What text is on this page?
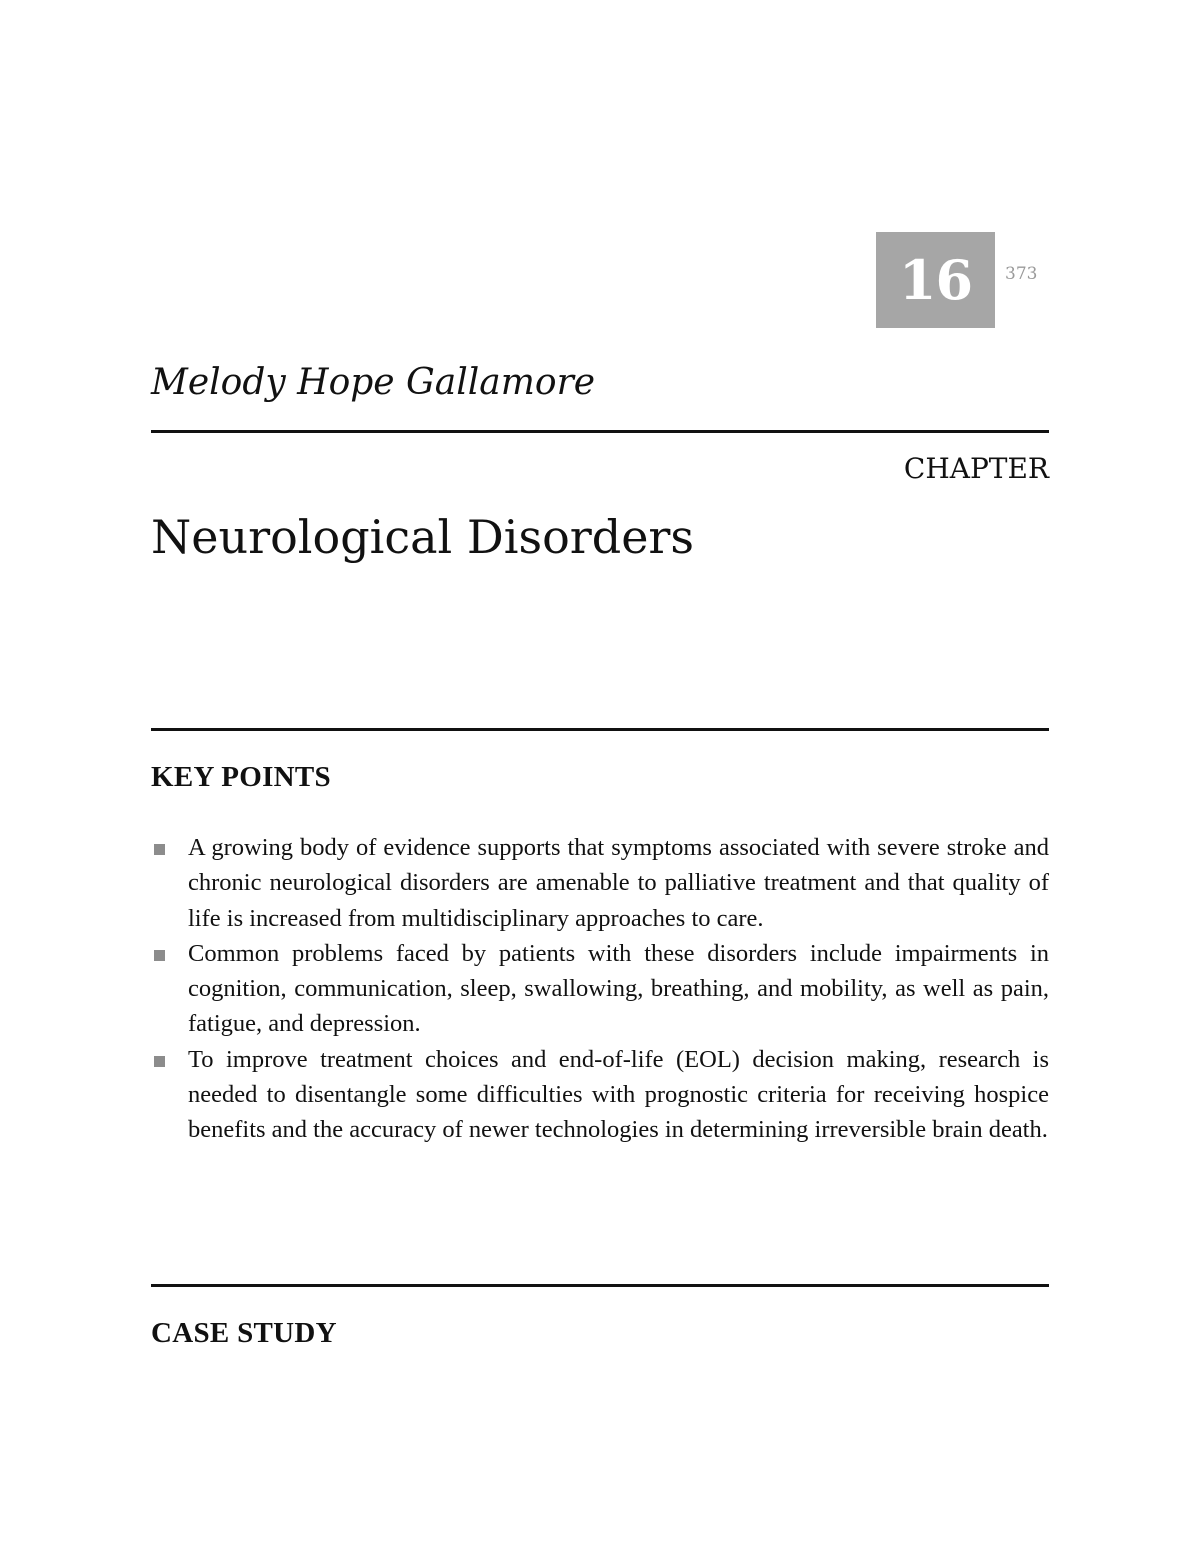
16 373
Melody Hope Gallamore
CHAPTER
Neurological Disorders
KEY POINTS
A growing body of evidence supports that symptoms associated with severe stroke and chronic neurological disorders are amenable to palliative treatment and that quality of life is increased from multidisciplinary approaches to care.
Common problems faced by patients with these disorders include impairments in cognition, communication, sleep, swallowing, breathing, and mobility, as well as pain, fatigue, and depression.
To improve treatment choices and end-of-life (EOL) decision making, research is needed to disentangle some difficulties with prognostic criteria for receiving hospice benefits and the accuracy of newer technologies in determining irreversible brain death.
CASE STUDY
